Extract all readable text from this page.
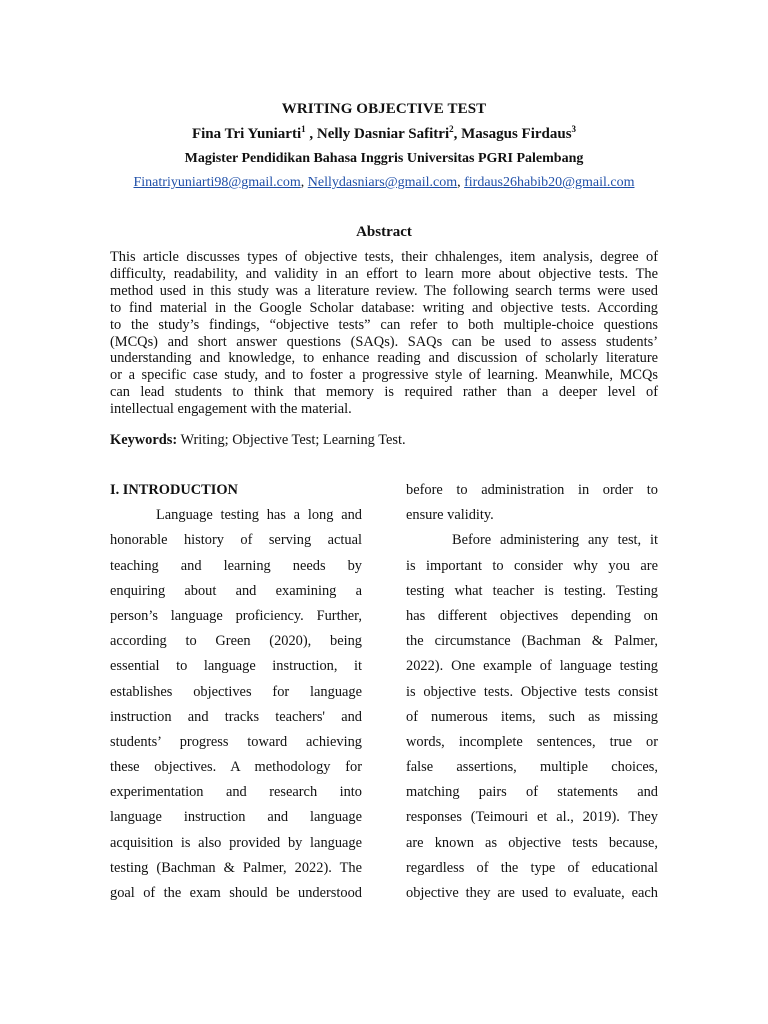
WRITING OBJECTIVE TEST
Fina Tri Yuniarti$^1$ , Nelly Dasniar Safitri$^2$, Masagus Firdaus$^3$
Magister Pendidikan Bahasa Inggris Universitas PGRI Palembang
Finatriyuniarti98@gmail.com, Nellydasniars@gmail.com, firdaus26habib20@gmail.com
Abstract
This article discusses types of objective tests, their chhalenges, item analysis, degree of
difficulty, readability, and validity in an effort to learn more about objective tests. The
method used in this study was a literature review. The following search terms were used
to find material in the Google Scholar database: writing and objective tests. According
to the study’s findings, “objective tests” can refer to both multiple-choice questions
(MCQs) and short answer questions (SAQs). SAQs can be used to assess students’
understanding and knowledge, to enhance reading and discussion of scholarly literature
or a specific case study, and to foster a progressive style of learning. Meanwhile, MCQs
can lead students to think that memory is required rather than a deeper level of
intellectual engagement with the material.
Keywords: Writing; Objective Test; Learning Test.
I. INTRODUCTION
Language testing has a long and
honorable history of serving actual
teaching and learning needs by
enquiring about and examining a
person’s language proficiency. Further,
according to Green (2020), being
essential to language instruction, it
establishes objectives for language
instruction and tracks teachers' and
students’ progress toward achieving
these objectives. A methodology for
experimentation and research into
language instruction and language
acquisition is also provided by language
testing (Bachman & Palmer, 2022). The
goal of the exam should be understood
before to administration in order to
ensure validity.
Before administering any test, it
is important to consider why you are
testing what teacher is testing. Testing
has different objectives depending on
the circumstance (Bachman & Palmer,
2022). One example of language testing
is objective tests. Objective tests consist
of numerous items, such as missing
words, incomplete sentences, true or
false assertions, multiple choices,
matching pairs of statements and
responses (Teimouri et al., 2019). They
are known as objective tests because,
regardless of the type of educational
objective they are used to evaluate, each
